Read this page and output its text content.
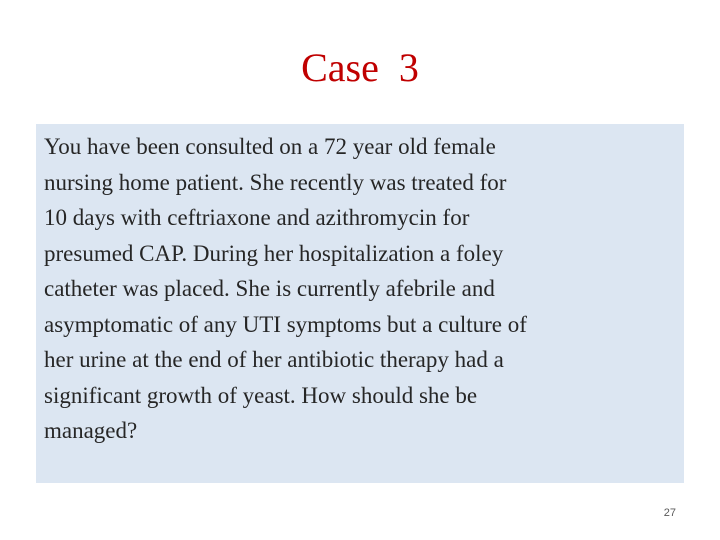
Case  3

You have been consulted on a 72 year old female
nursing home patient. She recently was treated for
10 days with ceftriaxone and azithromycin for
presumed CAP. During her hospitalization a foley
catheter was placed. She is currently afebrile and
asymptomatic of any UTI symptoms but a culture of
her urine at the end of her antibiotic therapy had a
significant growth of yeast. How should she be
managed?

27
